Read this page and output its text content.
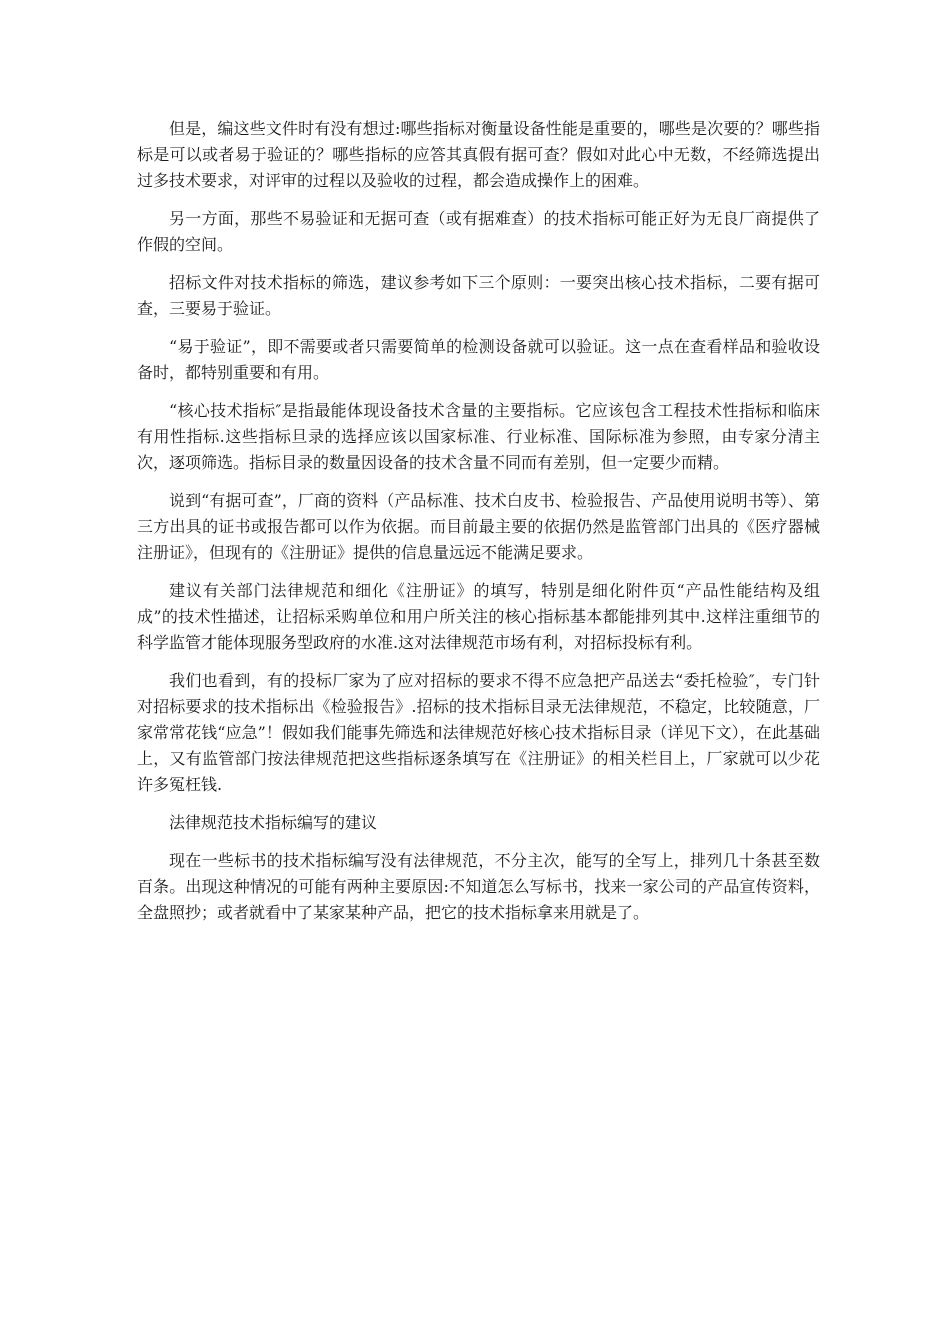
但是，编这些文件时有没有想过:哪些指标对衡量设备性能是重要的，哪些是次要的？哪些指标是可以或者易于验证的？哪些指标的应答其真假有据可查？假如对此心中无数，不经筛选提出过多技术要求，对评审的过程以及验收的过程，都会造成操作上的困难。

另一方面，那些不易验证和无据可查（或有据难查）的技术指标可能正好为无良厂商提供了作假的空间。

招标文件对技术指标的筛选，建议参考如下三个原则：一要突出核心技术指标，二要有据可查，三要易于验证。

“易于验证”，即不需要或者只需要简单的检测设备就可以验证。这一点在查看样品和验收设备时，都特别重要和有用。

“核心技术指标″是指最能体现设备技术含量的主要指标。它应该包含工程技术性指标和临床有用性指标.这些指标旦录的选择应该以国家标准、行业标准、国际标准为参照，由专家分清主次，逐项筛选。指标目录的数量因设备的技术含量不同而有差别，但一定要少而精。

说到“有据可查”，厂商的资料（产品标准、技术白皮书、检验报告、产品使用说明书等）、第三方出具的证书或报告都可以作为依据。而目前最主要的依据仍然是监管部门出具的《医疗器械注册证》，但现有的《注册证》提供的信息量远远不能满足要求。

建议有关部门法律规范和细化《注册证》的填写，特别是细化附件页“产品性能结构及组成”的技术性描述，让招标采购单位和用户所关注的核心指标基本都能排列其中.这样注重细节的科学监管才能体现服务型政府的水准.这对法律规范市场有利，对招标投标有利。

我们也看到，有的投标厂家为了应对招标的要求不得不应急把产品送去“委托检验″，专门针对招标要求的技术指标出《检验报告》.招标的技术指标目录无法律规范，不稳定，比较随意，厂家常常花钱“应急”！假如我们能事先筛选和法律规范好核心技术指标目录（详见下文），在此基础上，又有监管部门按法律规范把这些指标逐条填写在《注册证》的相关栏目上，厂家就可以少花许多冤枉钱.

法律规范技术指标编写的建议

现在一些标书的技术指标编写没有法律规范，不分主次，能写的全写上，排列几十条甚至数百条。出现这种情况的可能有两种主要原因:不知道怎么写标书，找来一家公司的产品宣传资料，全盘照抄；或者就看中了某家某种产品，把它的技术指标拿来用就是了。
